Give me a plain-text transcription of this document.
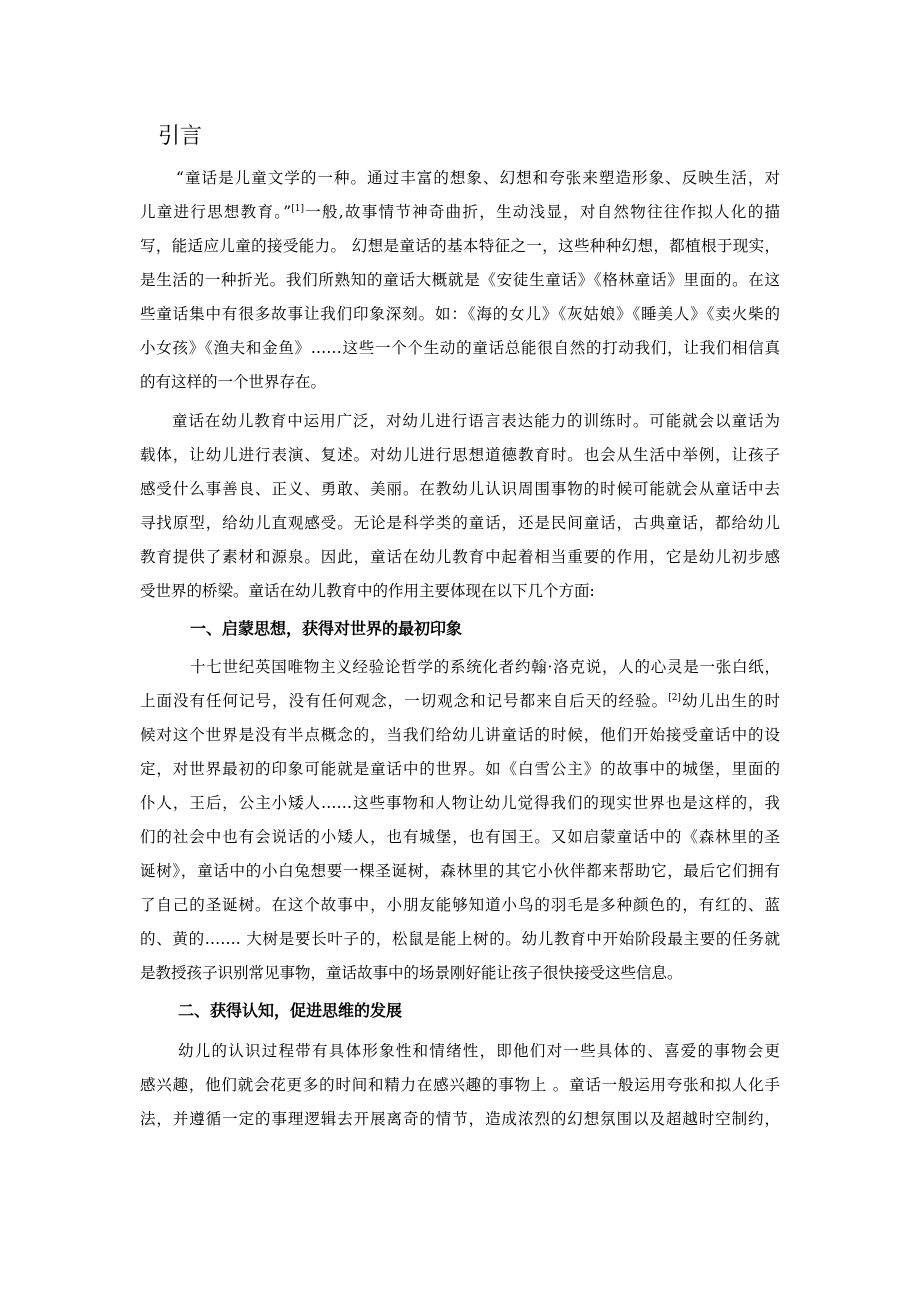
引言
“童话是儿童文学的一种。通过丰富的想象、幻想和夸张来塑造形象、反映生活，对
儿童进行思想教育。”[1]一般,故事情节神奇曲折，生动浅显，对自然物往往作拟人化的描
写，能适应儿童的接受能力。 幻想是童话的基本特征之一，这些种种幻想，都植根于现实，
是生活的一种折光。我们所熟知的童话大概就是《安徒生童话》《格林童话》里面的。在这
些童话集中有很多故事让我们印象深刻。如：《海的女儿》《灰姑娘》《睡美人》《卖火柴的
小女孩》《渔夫和金鱼》……这些一个个生动的童话总能很自然的打动我们，让我们相信真
的有这样的一个世界存在。
童话在幼儿教育中运用广泛，对幼儿进行语言表达能力的训练时。可能就会以童话为
载体，让幼儿进行表演、复述。对幼儿进行思想道德教育时。也会从生活中举例，让孩子
感受什么事善良、正义、勇敢、美丽。在教幼儿认识周围事物的时候可能就会从童话中去
寻找原型，给幼儿直观感受。无论是科学类的童话，还是民间童话，古典童话，都给幼儿
教育提供了素材和源泉。因此，童话在幼儿教育中起着相当重要的作用，它是幼儿初步感
受世界的桥梁。童话在幼儿教育中的作用主要体现在以下几个方面:
一、启蒙思想，获得对世界的最初印象
十七世纪英国唯物主义经验论哲学的系统化者约翰·洛克说，人的心灵是一张白纸，
上面没有任何记号，没有任何观念，一切观念和记号都来自后天的经验。[2]幼儿出生的时
候对这个世界是没有半点概念的，当我们给幼儿讲童话的时候，他们开始接受童话中的设
定，对世界最初的印象可能就是童话中的世界。如《白雪公主》的故事中的城堡，里面的
仆人，王后，公主小矮人……这些事物和人物让幼儿觉得我们的现实世界也是这样的，我
们的社会中也有会说话的小矮人，也有城堡，也有国王。又如启蒙童话中的《森林里的圣
诞树》，童话中的小白兔想要一棵圣诞树，森林里的其它小伙伴都来帮助它，最后它们拥有
了自己的圣诞树。在这个故事中，小朋友能够知道小鸟的羽毛是多种颜色的，有红的、蓝
的、黄的……. 大树是要长叶子的，松鼠是能上树的。幼儿教育中开始阶段最主要的任务就
是教授孩子识别常见事物，童话故事中的场景刚好能让孩子很快接受这些信息。
二、获得认知，促进思维的发展
幼儿的认识过程带有具体形象性和情绪性，即他们对一些具体的、喜爱的事物会更
感兴趣，他们就会花更多的时间和精力在感兴趣的事物上 。童话一般运用夸张和拟人化手
法，并遵循一定的事理逻辑去开展离奇的情节，造成浓烈的幻想氛围以及超越时空制约，
